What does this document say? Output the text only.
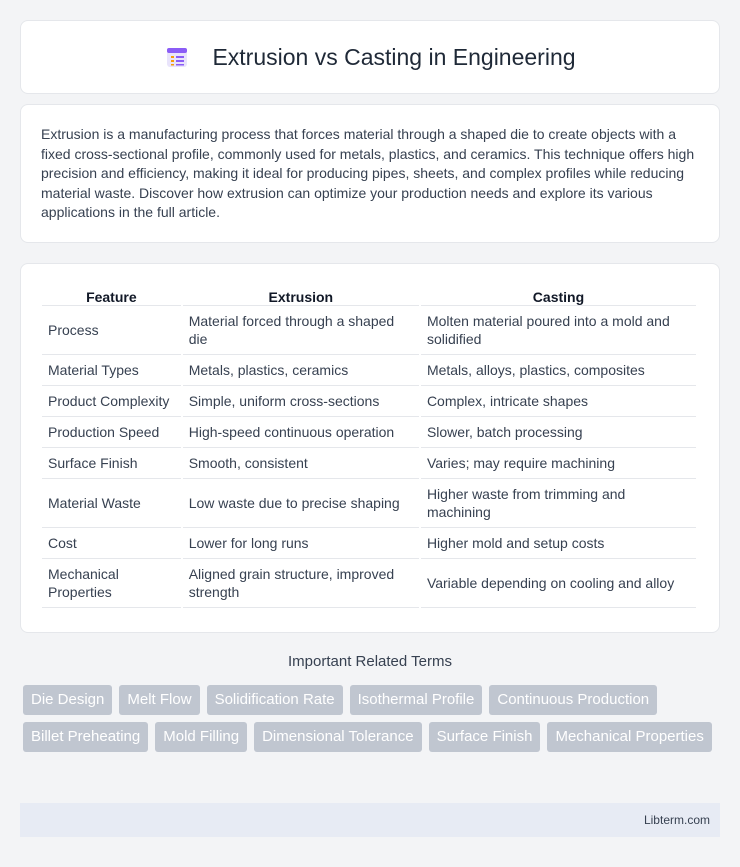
Extrusion vs Casting in Engineering

Extrusion is a manufacturing process that forces material through a shaped die to create objects with a fixed cross-sectional profile, commonly used for metals, plastics, and ceramics. This technique offers high precision and efficiency, making it ideal for producing pipes, sheets, and complex profiles while reducing material waste. Discover how extrusion can optimize your production needs and explore its various applications in the full article.

Feature	Extrusion	Casting
Process	Material forced through a shaped die	Molten material poured into a mold and solidified
Material Types	Metals, plastics, ceramics	Metals, alloys, plastics, composites
Product Complexity	Simple, uniform cross-sections	Complex, intricate shapes
Production Speed	High-speed continuous operation	Slower, batch processing
Surface Finish	Smooth, consistent	Varies; may require machining
Material Waste	Low waste due to precise shaping	Higher waste from trimming and machining
Cost	Lower for long runs	Higher mold and setup costs
Mechanical Properties	Aligned grain structure, improved strength	Variable depending on cooling and alloy
Important Related Terms
Die Design	Melt Flow	Solidification Rate	Isothermal Profile	Continuous Production
Billet Preheating	Mold Filling	Dimensional Tolerance	Surface Finish	Mechanical Properties
Libterm.com
